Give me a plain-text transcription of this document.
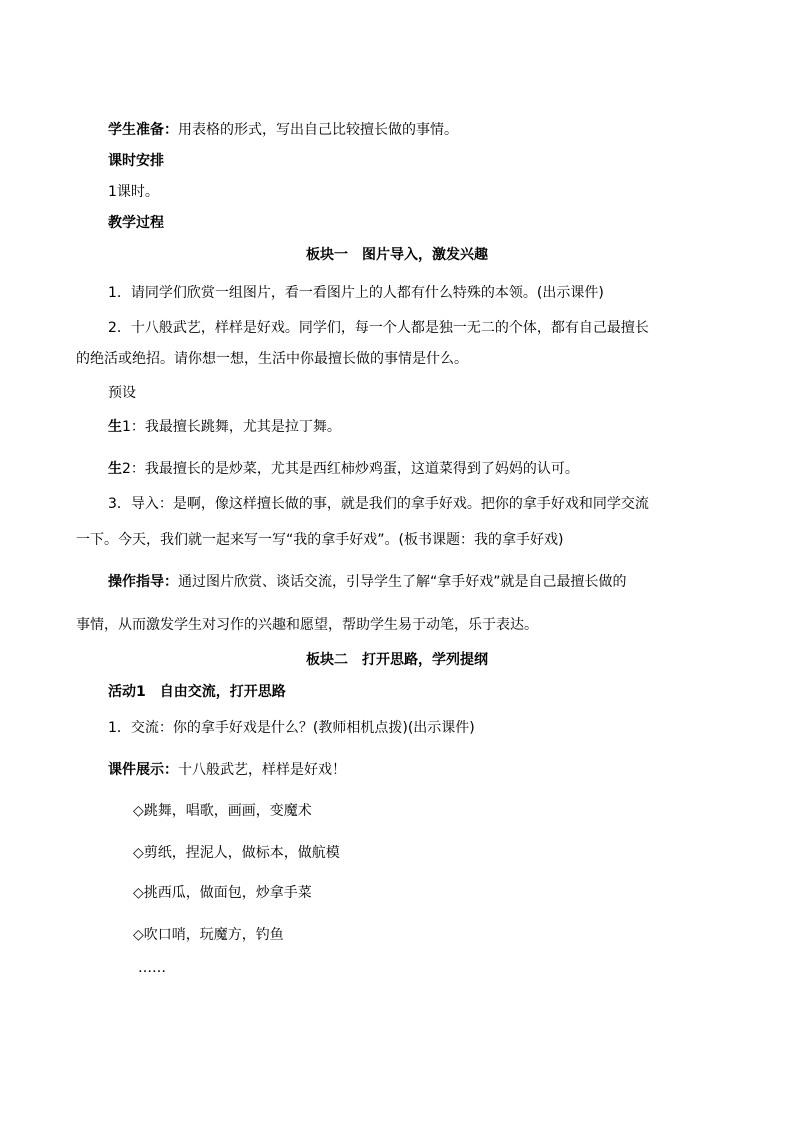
学生准备：用表格的形式，写出自己比较擅长做的事情。
课时安排
1课时。
教学过程
板块一　图片导入，激发兴趣
1．请同学们欣赏一组图片，看一看图片上的人都有什么特殊的本领。(出示课件)
2．十八般武艺，样样是好戏。同学们，每一个人都是独一无二的个体，都有自己最擅长
的绝活或绝招。请你想一想，生活中你最擅长做的事情是什么。
预设
生1：我最擅长跳舞，尤其是拉丁舞。
生2：我最擅长的是炒菜，尤其是西红柿炒鸡蛋，这道菜得到了妈妈的认可。
3．导入：是啊，像这样擅长做的事，就是我们的拿手好戏。把你的拿手好戏和同学交流
一下。今天，我们就一起来写一写“我的拿手好戏”。(板书课题：我的拿手好戏)
操作指导：通过图片欣赏、谈话交流，引导学生了解“拿手好戏”就是自己最擅长做的
事情，从而激发学生对习作的兴趣和愿望，帮助学生易于动笔，乐于表达。
板块二　打开思路，学列提纲
活动1　自由交流，打开思路
1．交流：你的拿手好戏是什么？(教师相机点拨)(出示课件)
课件展示：十八般武艺，样样是好戏！
◇跳舞，唱歌，画画，变魔术
◇剪纸，捏泥人，做标本，做航模
◇挑西瓜，做面包，炒拿手菜
◇吹口哨，玩魔方，钓鱼
……
